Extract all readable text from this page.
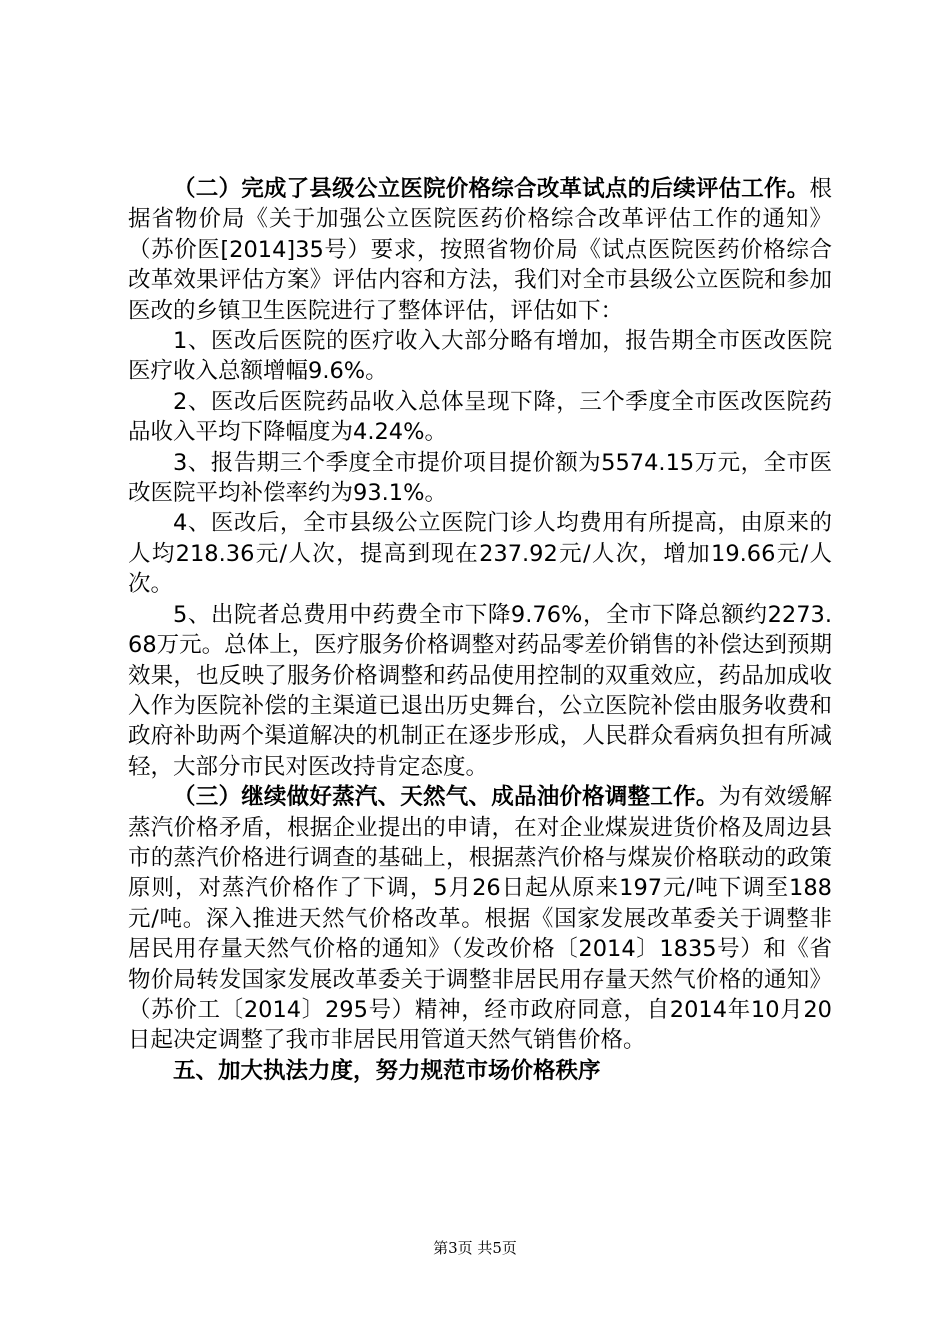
（二）完成了县级公立医院价格综合改革试点的后续评估工作。根据省物价局《关于加强公立医院医药价格综合改革评估工作的通知》（苏价医[2014]35号）要求，按照省物价局《试点医院医药价格综合改革效果评估方案》评估内容和方法，我们对全市县级公立医院和参加医改的乡镇卫生医院进行了整体评估，评估如下：

1、医改后医院的医疗收入大部分略有增加，报告期全市医改医院医疗收入总额增幅9.6%。

2、医改后医院药品收入总体呈现下降，三个季度全市医改医院药品收入平均下降幅度为4.24%。

3、报告期三个季度全市提价项目提价额为5574.15万元，全市医改医院平均补偿率约为93.1%。

4、医改后，全市县级公立医院门诊人均费用有所提高，由原来的人均218.36元/人次，提高到现在237.92元/人次，增加19.66元/人次。

5、出院者总费用中药费全市下降9.76%，全市下降总额约2273.68万元。总体上，医疗服务价格调整对药品零差价销售的补偿达到预期效果，也反映了服务价格调整和药品使用控制的双重效应，药品加成收入作为医院补偿的主渠道已退出历史舞台，公立医院补偿由服务收费和政府补助两个渠道解决的机制正在逐步形成，人民群众看病负担有所减轻，大部分市民对医改持肯定态度。

（三）继续做好蒸汽、天然气、成品油价格调整工作。为有效缓解蒸汽价格矛盾，根据企业提出的申请，在对企业煤炭进货价格及周边县市的蒸汽价格进行调查的基础上，根据蒸汽价格与煤炭价格联动的政策原则，对蒸汽价格作了下调，5月26日起从原来197元/吨下调至188元/吨。深入推进天然气价格改革。根据《国家发展改革委关于调整非居民用存量天然气价格的通知》（发改价格〔2014〕1835号）和《省物价局转发国家发展改革委关于调整非居民用存量天然气价格的通知》（苏价工〔2014〕295号）精神，经市政府同意，自2014年10月20日起决定调整了我市非居民用管道天然气销售价格。

五、加大执法力度，努力规范市场价格秩序

第3页 共5页
